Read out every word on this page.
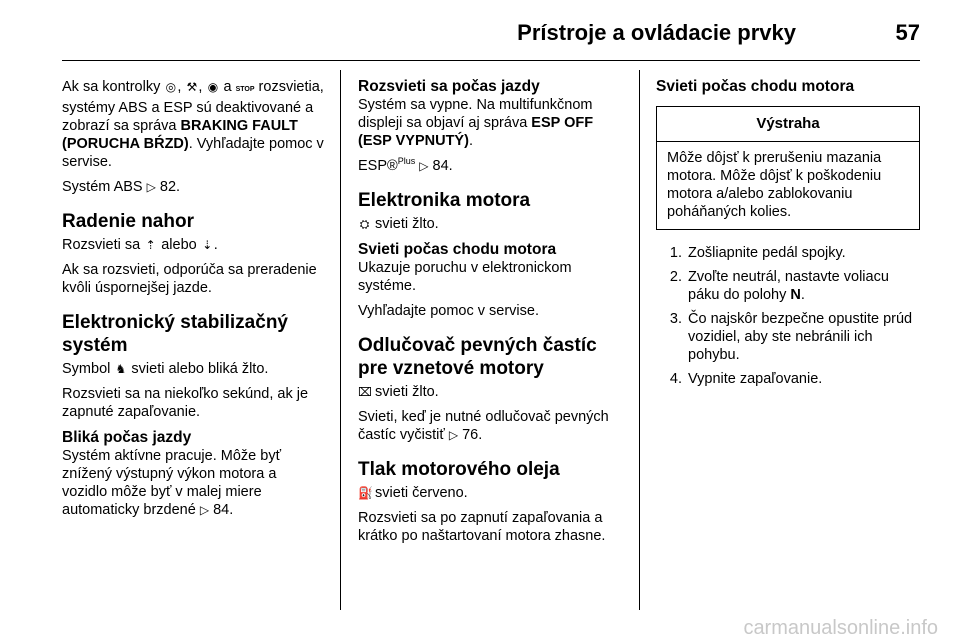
Prístroje a ovládacie prvky	57

Ak sa kontrolky ◎, ⚒, ◉ a STOP rozsvietia, systémy ABS a ESP sú deaktivované a zobrazí sa správa BRAKING FAULT (PORUCHA BŔZD). Vyhľadajte pomoc v servise.

Systém ABS ▷ 82.

Radenie nahor

Rozsvieti sa ⇡ alebo ⇣.

Ak sa rozsvieti, odporúča sa preradenie kvôli úspornejšej jazde.

Elektronický stabilizačný systém

Symbol ♞ svieti alebo bliká žlto.

Rozsvieti sa na niekoľko sekúnd, ak je zapnuté zapaľovanie.

Bliká počas jazdy

Systém aktívne pracuje. Môže byť znížený výstupný výkon motora a vozidlo môže byť v malej miere automaticky brzdené ▷ 84.

Rozsvieti sa počas jazdy

Systém sa vypne. Na multifunkčnom displeji sa objaví aj správa ESP OFF (ESP VYPNUTÝ).

ESP®$^{Plus}$ ▷ 84.

Elektronika motora

⛭ svieti žlto.

Svieti počas chodu motora

Ukazuje poruchu v elektronickom systéme.

Vyhľadajte pomoc v servise.

Odlučovač pevných častíc pre vznetové motory

⌧ svieti žlto.

Svieti, keď je nutné odlučovač pevných častíc vyčistiť ▷ 76.

Tlak motorového oleja

⛽ svieti červeno.

Rozsvieti sa po zapnutí zapaľovania a krátko po naštartovaní motora zhasne.

Svieti počas chodu motora
Výstraha
Môže dôjsť k prerušeniu mazania motora. Môže dôjsť k poškodeniu motora a/alebo zablokovaniu poháňaných kolies.
1. Zošliapnite pedál spojky.
2. Zvoľte neutrál, nastavte voliacu páku do polohy N.
3. Čo najskôr bezpečne opustite prúd vozidiel, aby ste nebránili ich pohybu.
4. Vypnite zapaľovanie.
carmanualsonline.info
